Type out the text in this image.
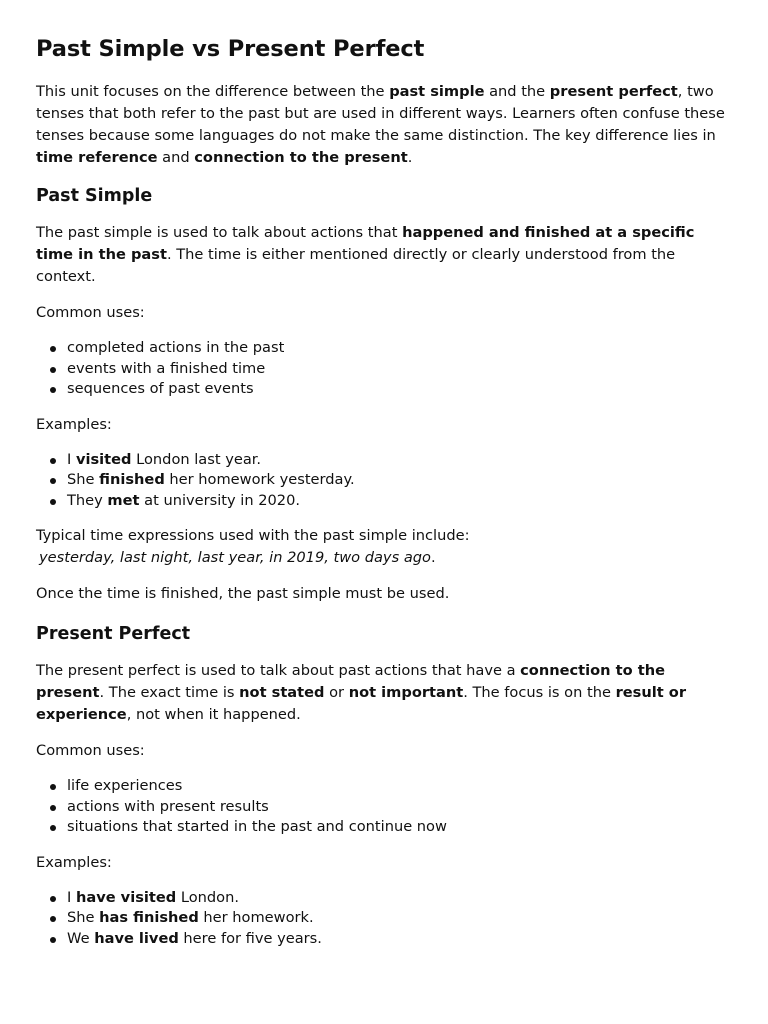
Past Simple vs Present Perfect

This unit focuses on the difference between the past simple and the present perfect, two tenses that both refer to the past but are used in different ways. Learners often confuse these tenses because some languages do not make the same distinction. The key difference lies in time reference and connection to the present.

Past Simple

The past simple is used to talk about actions that happened and finished at a specific time in the past. The time is either mentioned directly or clearly understood from the context.

Common uses:

completed actions in the past
events with a finished time
sequences of past events

Examples:

I visited London last year.
She finished her homework yesterday.
They met at university in 2020.

Typical time expressions used with the past simple include:

yesterday, last night, last year, in 2019, two days ago.

Once the time is finished, the past simple must be used.

Present Perfect

The present perfect is used to talk about past actions that have a connection to the present. The exact time is not stated or not important. The focus is on the result or experience, not when it happened.

Common uses:

life experiences
actions with present results
situations that started in the past and continue now

Examples:

I have visited London.
She has finished her homework.
We have lived here for five years.
